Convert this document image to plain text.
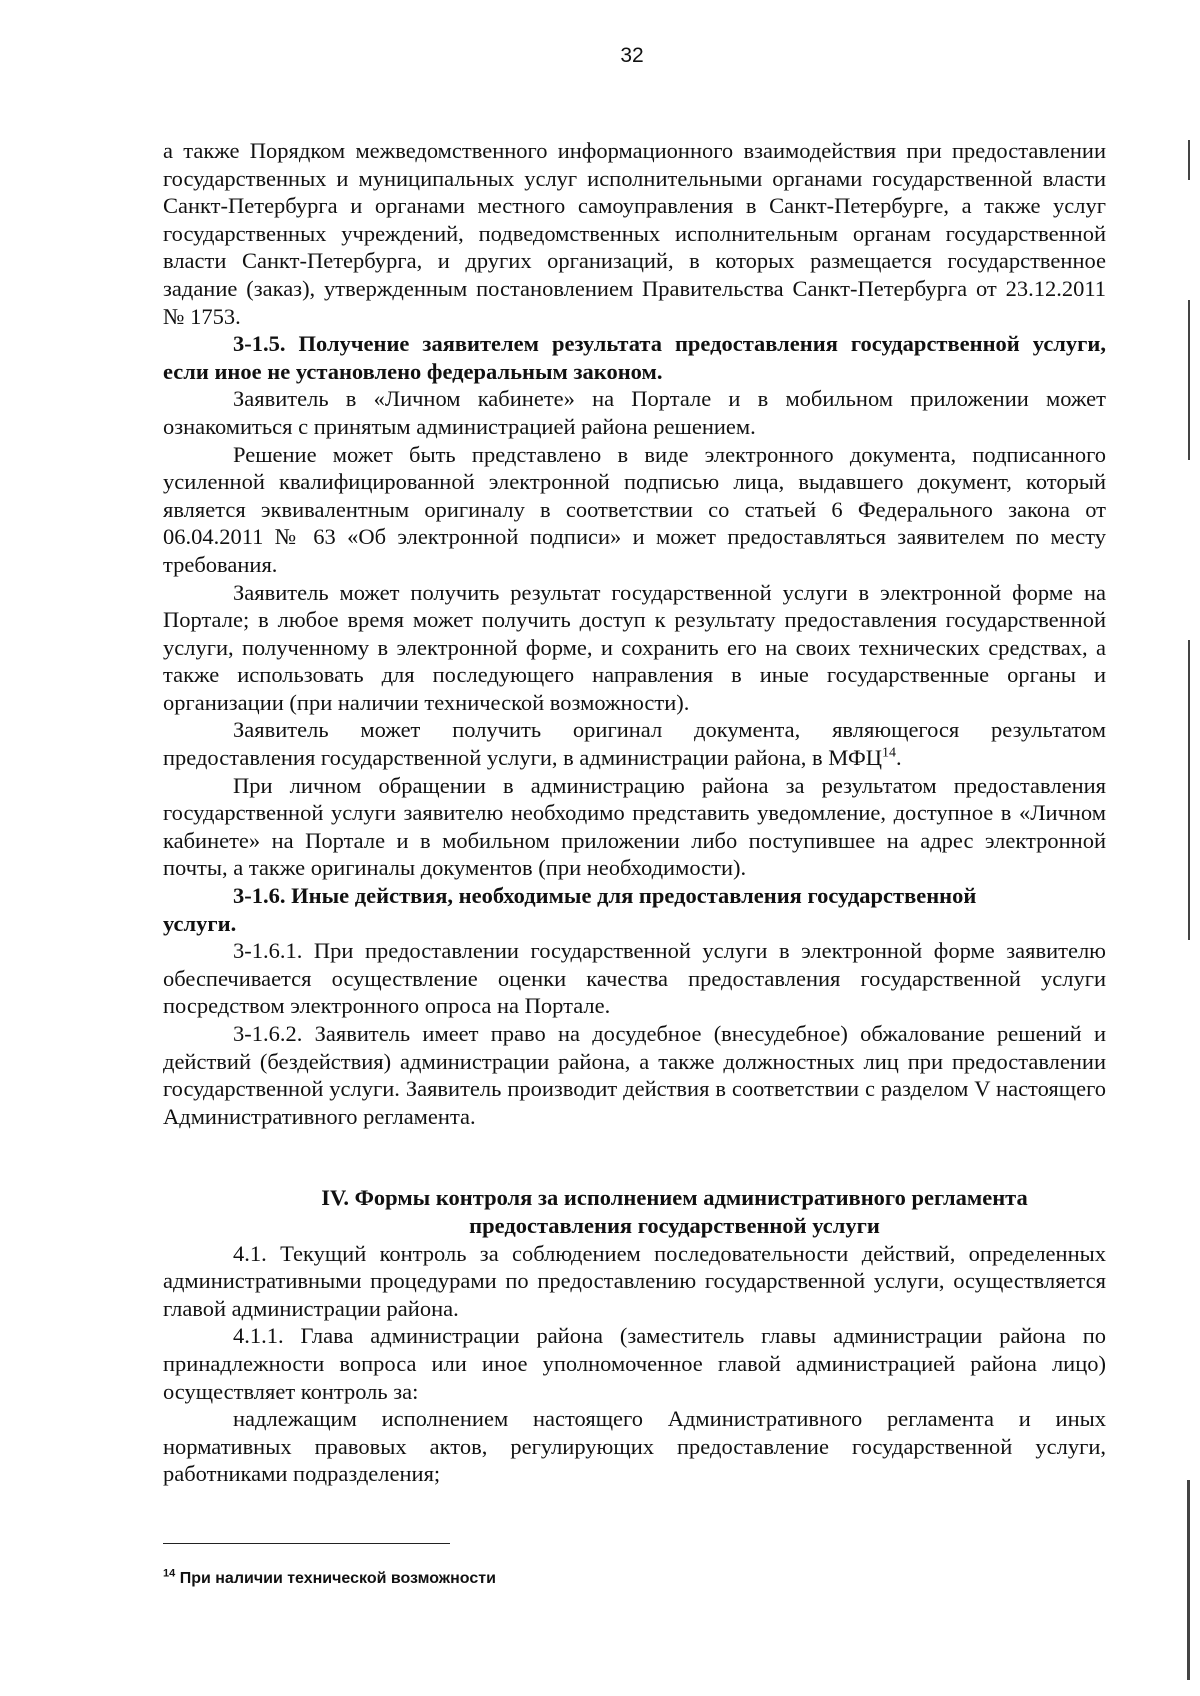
32

а также Порядком межведомственного информационного взаимодействия при предоставлении государственных и муниципальных услуг исполнительными органами государственной власти Санкт-Петербурга и органами местного самоуправления в Санкт-Петербурге, а также услуг государственных учреждений, подведомственных исполнительным органам государственной власти Санкт-Петербурга, и других организаций, в которых размещается государственное задание (заказ), утвержденным постановлением Правительства Санкт-Петербурга от 23.12.2011 № 1753.

3-1.5. Получение заявителем результата предоставления государственной услуги, если иное не установлено федеральным законом.

Заявитель в «Личном кабинете» на Портале и в мобильном приложении может ознакомиться с принятым администрацией района решением.

Решение может быть представлено в виде электронного документа, подписанного усиленной квалифицированной электронной подписью лица, выдавшего документ, который является эквивалентным оригиналу в соответствии со статьей 6 Федерального закона от 06.04.2011 № 63 «Об электронной подписи» и может предоставляться заявителем по месту требования.

Заявитель может получить результат государственной услуги в электронной форме на Портале; в любое время может получить доступ к результату предоставления государственной услуги, полученному в электронной форме, и сохранить его на своих технических средствах, а также использовать для последующего направления в иные государственные органы и организации (при наличии технической возможности).

Заявитель может получить оригинал документа, являющегося результатом предоставления государственной услуги, в администрации района, в МФЦ$^{14}$.

При личном обращении в администрацию района за результатом предоставления государственной услуги заявителю необходимо представить уведомление, доступное в «Личном кабинете» на Портале и в мобильном приложении либо поступившее на адрес электронной почты, а также оригиналы документов (при необходимости).

3-1.6. Иные действия, необходимые для предоставления государственной услуги.

3-1.6.1. При предоставлении государственной услуги в электронной форме заявителю обеспечивается осуществление оценки качества предоставления государственной услуги посредством электронного опроса на Портале.

3-1.6.2. Заявитель имеет право на досудебное (внесудебное) обжалование решений и действий (бездействия) администрации района, а также должностных лиц при предоставлении государственной услуги. Заявитель производит действия в соответствии с разделом V настоящего Административного регламента.

IV. Формы контроля за исполнением административного регламента

предоставления государственной услуги

4.1. Текущий контроль за соблюдением последовательности действий, определенных административными процедурами по предоставлению государственной услуги, осуществляется главой администрации района.

4.1.1. Глава администрации района (заместитель главы администрации района по принадлежности вопроса или иное уполномоченное главой администрацией района лицо) осуществляет контроль за:

надлежащим исполнением настоящего Административного регламента и иных нормативных правовых актов, регулирующих предоставление государственной услуги, работниками подразделения;

$^{14}$ При наличии технической возможности
